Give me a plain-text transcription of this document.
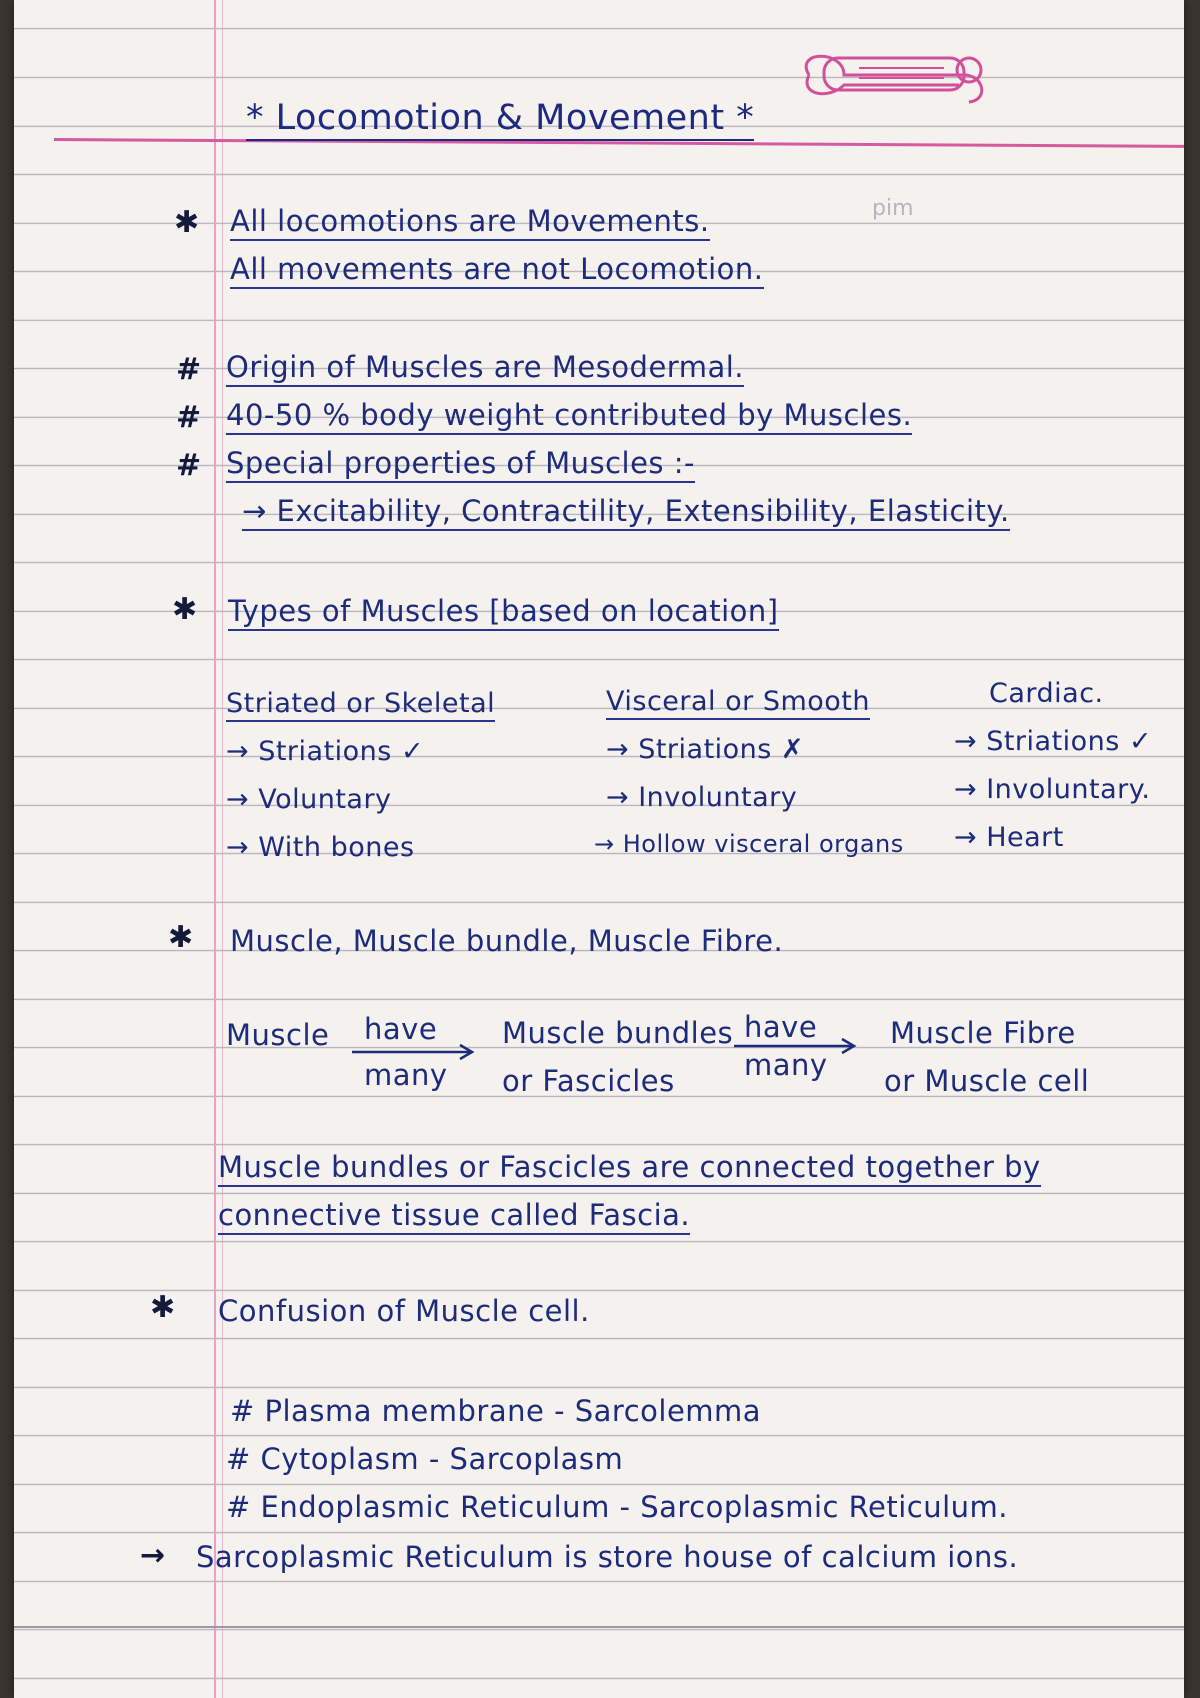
* Locomotion & Movement *
✱ All locomotions are Movements.	pim
All movements are not Locomotion.
# Origin of Muscles are Mesodermal.
# 40-50 % body weight contributed by Muscles.
# Special properties of Muscles :-
→ Excitability, Contractility, Extensibility, Elasticity.
✱ Types of Muscles [based on location]
Striated or Skeletal
→ Striations ✓
→ Voluntary
→ With bones
Visceral or Smooth
→ Striations ✗
→ Involuntary
→ Hollow visceral organs
Cardiac.
→ Striations ✓
→ Involuntary.
→ Heart
✱ Muscle, Muscle bundle, Muscle Fibre.
Muscle have
many
Muscle bundles
or Fascicles
have
many
Muscle Fibre
or Muscle cell
Muscle bundles or Fascicles are connected together by
connective tissue called Fascia.
✱ Confusion of Muscle cell.
# Plasma membrane - Sarcolemma
# Cytoplasm - Sarcoplasm
# Endoplasmic Reticulum - Sarcoplasmic Reticulum.
→ Sarcoplasmic Reticulum is store house of calcium ions.
